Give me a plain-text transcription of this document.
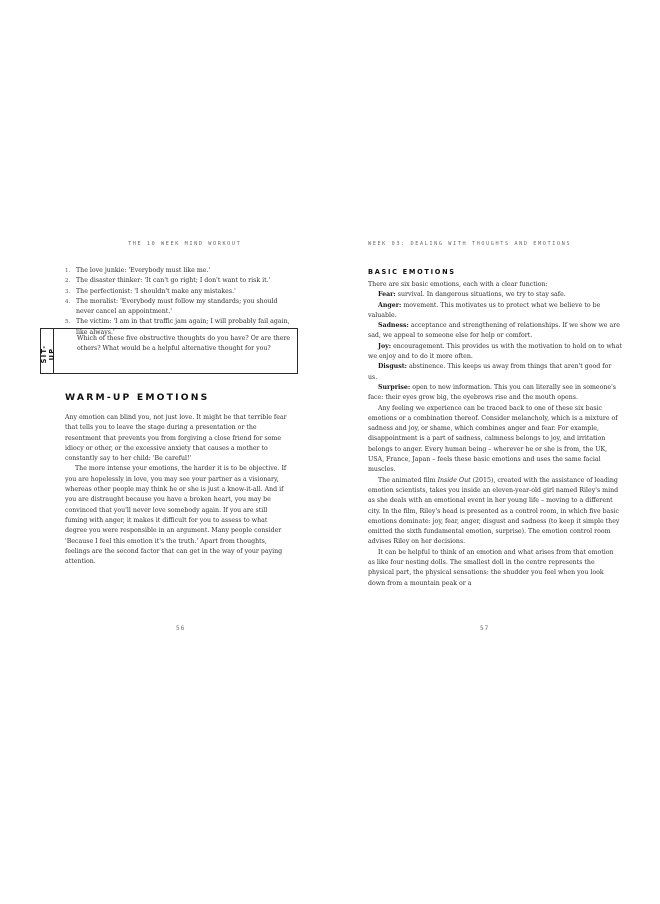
THE 10 WEEK MIND WORKOUT
1. The love junkie: 'Everybody must like me.'
2. The disaster thinker: 'It can't go right; I don't want to risk it.'
3. The perfectionist: 'I shouldn't make any mistakes.'
4. The moralist: 'Everybody must follow my standards; you should never cancel an appointment.'
5. The victim: 'I am in that traffic jam again; I will probably fail again, like always.'
SIT-UP
Which of these five obstructive thoughts do you have? Or are there others? What would be a helpful alternative thought for you?
WARM-UP EMOTIONS

Any emotion can blind you, not just love. It might be that terrible fear that tells you to leave the stage during a presentation or the resentment that prevents you from forgiving a close friend for some idiocy or other, or the excessive anxiety that causes a mother to constantly say to her child: 'Be careful!'

The more intense your emotions, the harder it is to be objective. If you are hopelessly in love, you may see your partner as a visionary, whereas other people may think he or she is just a know-it-all. And if you are distraught because you have a broken heart, you may be convinced that you'll never love somebody again. If you are still fuming with anger, it makes it difficult for you to assess to what degree you were responsible in an argument. Many people consider 'Because I feel this emotion it's the truth.' Apart from thoughts, feelings are the second factor that can get in the way of your paying attention.

56
WEEK 03: DEALING WITH THOUGHTS AND EMOTIONS
BASIC EMOTIONS

There are six basic emotions, each with a clear function:

Fear: survival. In dangerous situations, we try to stay safe.

Anger: movement. This motivates us to protect what we believe to be valuable.

Sadness: acceptance and strengthening of relationships. If we show we are sad, we appeal to someone else for help or comfort.

Joy: encouragement. This provides us with the motivation to hold on to what we enjoy and to do it more often.

Disgust: abstinence. This keeps us away from things that aren't good for us.

Surprise: open to new information. This you can literally see in someone's face: their eyes grow big, the eyebrows rise and the mouth opens.

Any feeling we experience can be traced back to one of these six basic emotions or a combination thereof. Consider melancholy, which is a mixture of sadness and joy, or shame, which combines anger and fear. For example, disappointment is a part of sadness, calmness belongs to joy, and irritation belongs to anger. Every human being – wherever he or she is from, the UK, USA, France, Japan – feels these basic emotions and uses the same facial muscles.

The animated film Inside Out (2015), created with the assistance of leading emotion scientists, takes you inside an eleven-year-old girl named Riley's mind as she deals with an emotional event in her young life – moving to a different city. In the film, Riley's head is presented as a control room, in which five basic emotions dominate: joy, fear, anger, disgust and sadness (to keep it simple they omitted the sixth fundamental emotion, surprise). The emotion control room advises Riley on her decisions.

It can be helpful to think of an emotion and what arises from that emotion as like four nesting dolls. The smallest doll in the centre represents the physical part, the physical sensations: the shudder you feel when you look down from a mountain peak or a

57
